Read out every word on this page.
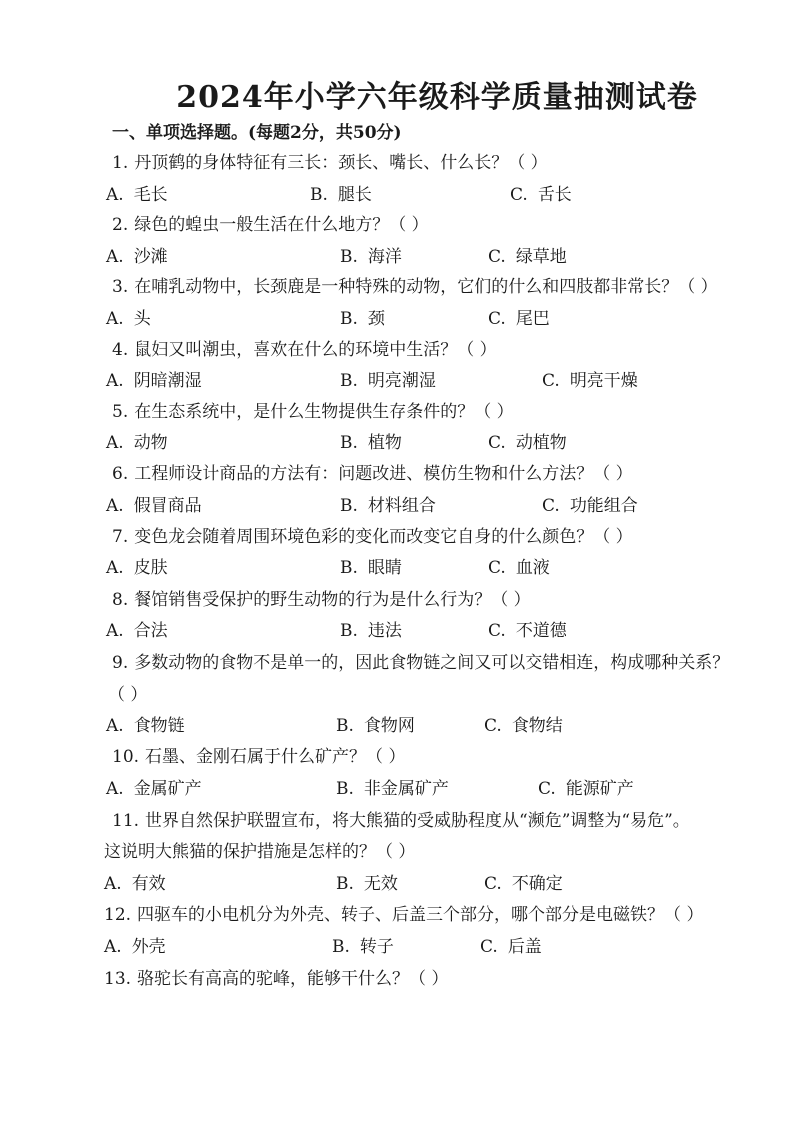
2024年小学六年级科学质量抽测试卷
一、单项选择题。(每题2分，共50分)
1. 丹顶鹤的身体特征有三长：颈长、嘴长、什么长？（ ）
A. 毛长	B. 腿长	C. 舌长
2. 绿色的蝗虫一般生活在什么地方？（ ）
A. 沙滩	B. 海洋	C. 绿草地
3. 在哺乳动物中，长颈鹿是一种特殊的动物，它们的什么和四肢都非常长？（ ）
A. 头	B. 颈	C. 尾巴
4. 鼠妇又叫潮虫，喜欢在什么的环境中生活？（ ）
A. 阴暗潮湿	B. 明亮潮湿	C. 明亮干燥
5. 在生态系统中，是什么生物提供生存条件的？（ ）
A. 动物	B. 植物	C. 动植物
6. 工程师设计商品的方法有：问题改进、模仿生物和什么方法？（ ）
A. 假冒商品	B. 材料组合	C. 功能组合
7. 变色龙会随着周围环境色彩的变化而改变它自身的什么颜色？（ ）
A. 皮肤	B. 眼睛	C. 血液
8. 餐馆销售受保护的野生动物的行为是什么行为？（ ）
A. 合法	B. 违法	C. 不道德
9. 多数动物的食物不是单一的，因此食物链之间又可以交错相连，构成哪种关系？
（ ）
A. 食物链	B. 食物网	C. 食物结
10. 石墨、金刚石属于什么矿产？（ ）
A. 金属矿产	B. 非金属矿产	C. 能源矿产
11. 世界自然保护联盟宣布，将大熊猫的受威胁程度从“濒危”调整为“易危”。
这说明大熊猫的保护措施是怎样的？（ ）
A. 有效	B. 无效	C. 不确定
12. 四驱车的小电机分为外壳、转子、后盖三个部分，哪个部分是电磁铁？（ ）
A. 外壳	B. 转子	C. 后盖
13. 骆驼长有高高的驼峰，能够干什么？（ ）
